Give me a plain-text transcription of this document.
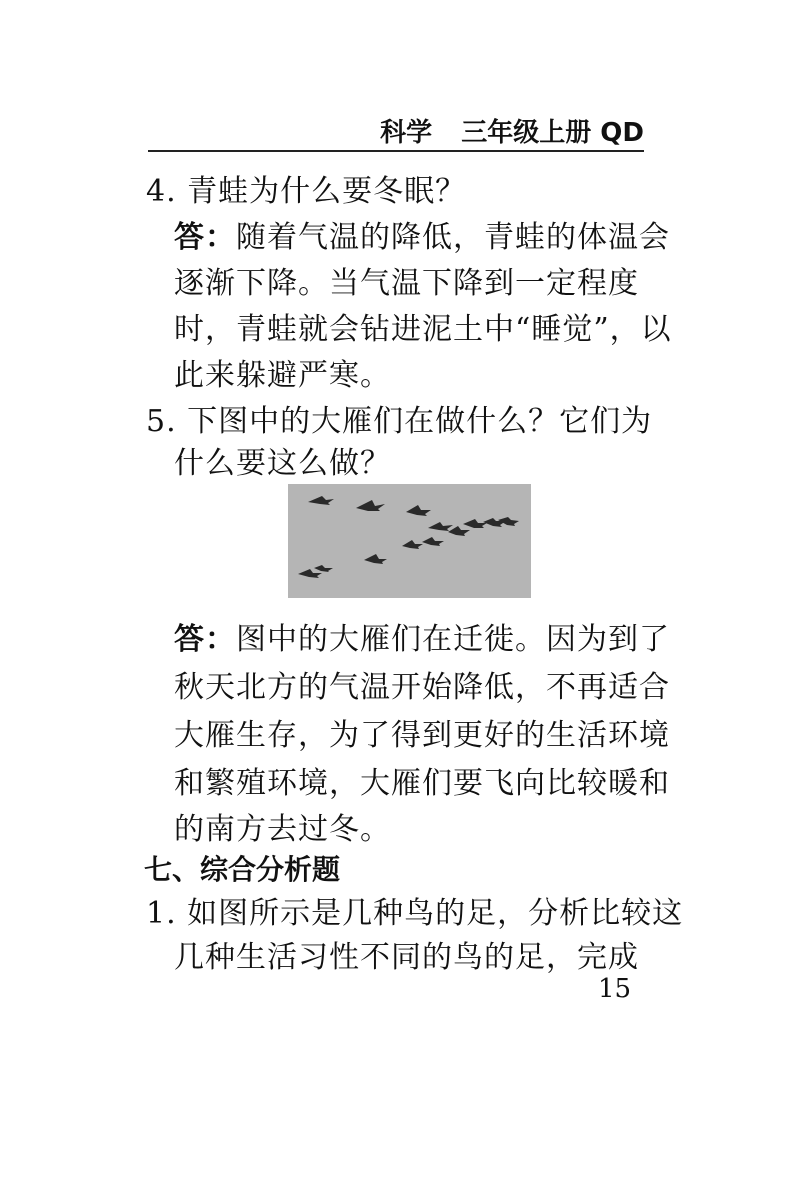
科学 三年级上册 QD
4. 青蛙为什么要冬眠？
答：随着气温的降低，青蛙的体温会
逐渐下降。当气温下降到一定程度
时，青蛙就会钻进泥土中“睡觉”，以
此来躲避严寒。
5. 下图中的大雁们在做什么？它们为
什么要这么做？
答：图中的大雁们在迁徙。因为到了
秋天北方的气温开始降低，不再适合
大雁生存，为了得到更好的生活环境
和繁殖环境，大雁们要飞向比较暖和
的南方去过冬。
七、综合分析题
1. 如图所示是几种鸟的足，分析比较这
几种生活习性不同的鸟的足，完成
15
